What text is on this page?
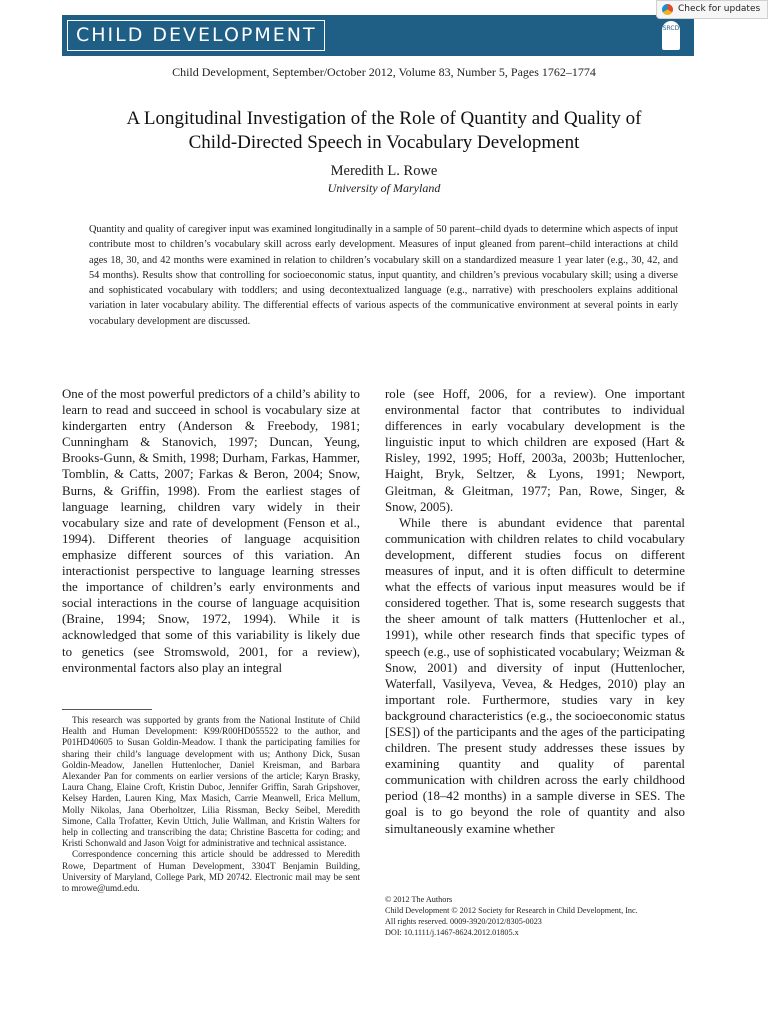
CHILD DEVELOPMENT	SRCD
Check for updates
Child Development, September/October 2012, Volume 83, Number 5, Pages 1762–1774
A Longitudinal Investigation of the Role of Quantity and Quality of
Child-Directed Speech in Vocabulary Development
Meredith L. Rowe
University of Maryland
Quantity and quality of caregiver input was examined longitudinally in a sample of 50 parent–child dyads to determine which aspects of input contribute most to children’s vocabulary skill across early development. Measures of input gleaned from parent–child interactions at child ages 18, 30, and 42 months were examined in relation to children’s vocabulary skill on a standardized measure 1 year later (e.g., 30, 42, and 54 months). Results show that controlling for socioeconomic status, input quantity, and children’s previous vocabulary skill; using a diverse and sophisticated vocabulary with toddlers; and using decontextualized language (e.g., narrative) with preschoolers explains additional variation in later vocabulary ability. The differential effects of various aspects of the communicative environment at several points in early vocabulary development are discussed.

One of the most powerful predictors of a child’s ability to learn to read and succeed in school is vocabulary size at kindergarten entry (Anderson & Freebody, 1981; Cunningham & Stanovich, 1997; Duncan, Yeung, Brooks-Gunn, & Smith, 1998; Durham, Farkas, Hammer, Tomblin, & Catts, 2007; Farkas & Beron, 2004; Snow, Burns, & Griffin, 1998). From the earliest stages of language learning, children vary widely in their vocabulary size and rate of development (Fenson et al., 1994). Different theories of language acquisition emphasize different sources of this variation. An interactionist perspective to language learning stresses the importance of children’s early environments and social interactions in the course of language acquisition (Braine, 1994; Snow, 1972, 1994). While it is acknowledged that some of this variability is likely due to genetics (see Stromswold, 2001, for a review), environmental factors also play an integral

role (see Hoff, 2006, for a review). One important environmental factor that contributes to individual differences in early vocabulary development is the linguistic input to which children are exposed (Hart & Risley, 1992, 1995; Hoff, 2003a, 2003b; Huttenlocher, Haight, Bryk, Seltzer, & Lyons, 1991; Newport, Gleitman, & Gleitman, 1977; Pan, Rowe, Singer, & Snow, 2005).

While there is abundant evidence that parental communication with children relates to child vocabulary development, different studies focus on different measures of input, and it is often difficult to determine what the effects of various input measures would be if considered together. That is, some research suggests that the sheer amount of talk matters (Huttenlocher et al., 1991), while other research finds that specific types of speech (e.g., use of sophisticated vocabulary; Weizman & Snow, 2001) and diversity of input (Huttenlocher, Waterfall, Vasilyeva, Vevea, & Hedges, 2010) play an important role. Furthermore, studies vary in key background characteristics (e.g., the socioeconomic status [SES]) of the participants and the ages of the participating children. The present study addresses these issues by examining quantity and quality of parental communication with children across the early childhood period (18–42 months) in a sample diverse in SES. The goal is to go beyond the role of quantity and also simultaneously examine whether

This research was supported by grants from the National Institute of Child Health and Human Development: K99/R00HD055522 to the author, and P01HD40605 to Susan Goldin-Meadow. I thank the participating families for sharing their child’s language development with us; Anthony Dick, Susan Goldin-Meadow, Janellen Huttenlocher, Daniel Kreisman, and Barbara Alexander Pan for comments on earlier versions of the article; Karyn Brasky, Laura Chang, Elaine Croft, Kristin Duboc, Jennifer Griffin, Sarah Gripshover, Kelsey Harden, Lauren King, Max Masich, Carrie Meanwell, Erica Mellum, Molly Nikolas, Jana Oberholtzer, Lilia Rissman, Becky Seibel, Meredith Simone, Calla Trofatter, Kevin Uttich, Julie Wallman, and Kristin Walters for help in collecting and transcribing the data; Christine Bascetta for coding; and Kristi Schonwald and Jason Voigt for administrative and technical assistance.

Correspondence concerning this article should be addressed to Meredith Rowe, Department of Human Development, 3304T Benjamin Building, University of Maryland, College Park, MD 20742. Electronic mail may be sent to mrowe@umd.edu.

© 2012 The Authors
Child Development © 2012 Society for Research in Child Development, Inc.
All rights reserved. 0009-3920/2012/8305-0023
DOI: 10.1111/j.1467-8624.2012.01805.x
